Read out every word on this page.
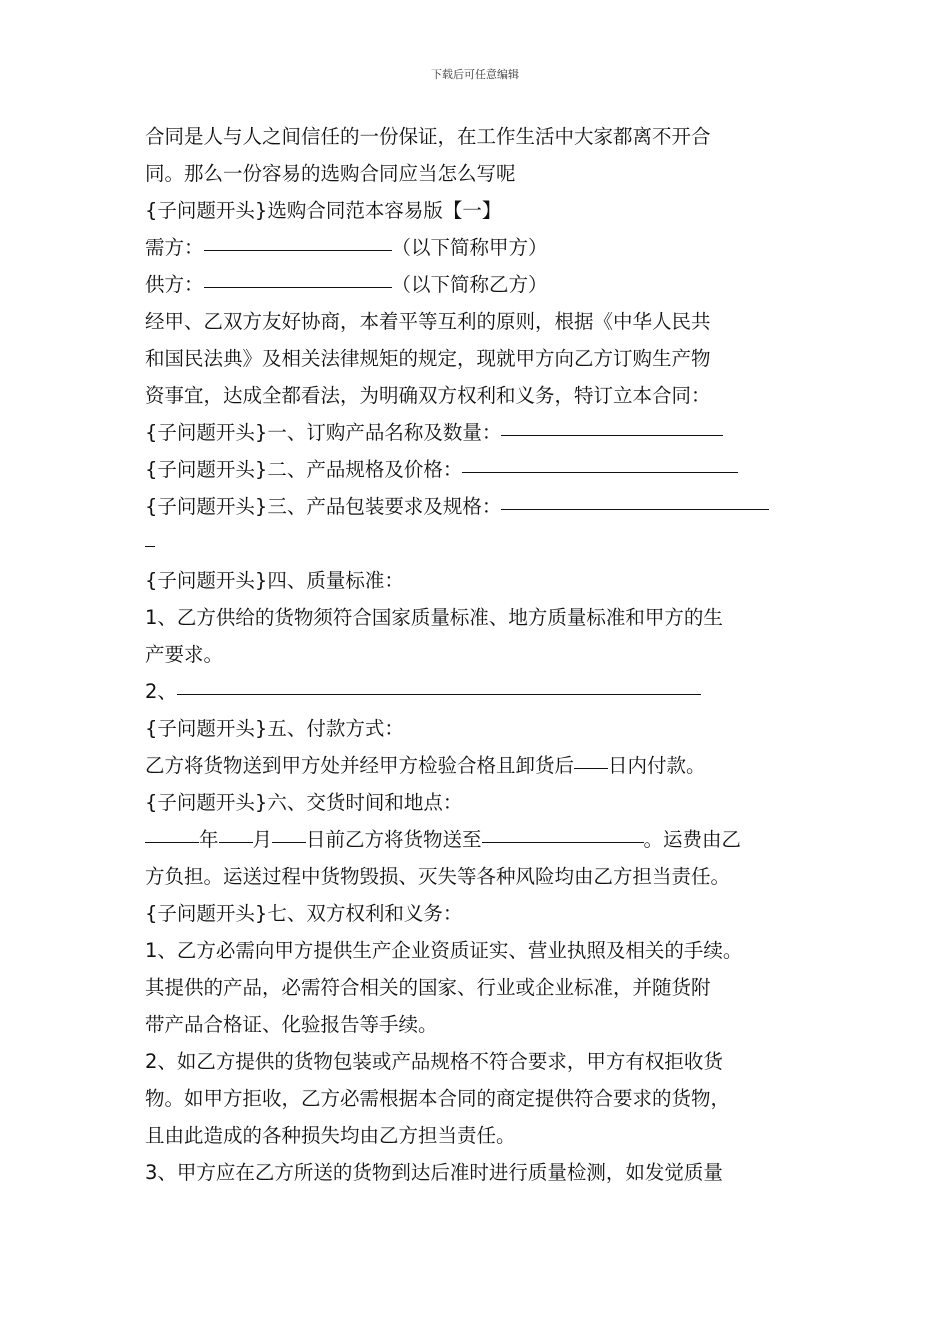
下载后可任意编辑
合同是人与人之间信任的一份保证，在工作生活中大家都离不开合
同。那么一份容易的选购合同应当怎么写呢
{子问题开头}选购合同范本容易版【一】
需方：	（以下简称甲方）
供方：	（以下简称乙方）
经甲、乙双方友好协商，本着平等互利的原则，根据《中华人民共
和国民法典》及相关法律规矩的规定，现就甲方向乙方订购生产物
资事宜，达成全都看法，为明确双方权利和义务，特订立本合同：
{子问题开头}一、订购产品名称及数量：
{子问题开头}二、产品规格及价格：
{子问题开头}三、产品包装要求及规格：
{子问题开头}四、质量标准：
1、乙方供给的货物须符合国家质量标准、地方质量标准和甲方的生
产要求。
2、
{子问题开头}五、付款方式：
乙方将货物送到甲方处并经甲方检验合格且卸货后 日内付款。
{子问题开头}六、交货时间和地点：
年 月 日前乙方将货物送至	。运费由乙
方负担。运送过程中货物毁损、灭失等各种风险均由乙方担当责任。
{子问题开头}七、双方权利和义务：
1、乙方必需向甲方提供生产企业资质证实、营业执照及相关的手续。
其提供的产品，必需符合相关的国家、行业或企业标准，并随货附
带产品合格证、化验报告等手续。
2、如乙方提供的货物包装或产品规格不符合要求，甲方有权拒收货
物。如甲方拒收，乙方必需根据本合同的商定提供符合要求的货物，
且由此造成的各种损失均由乙方担当责任。
3、甲方应在乙方所送的货物到达后准时进行质量检测，如发觉质量
